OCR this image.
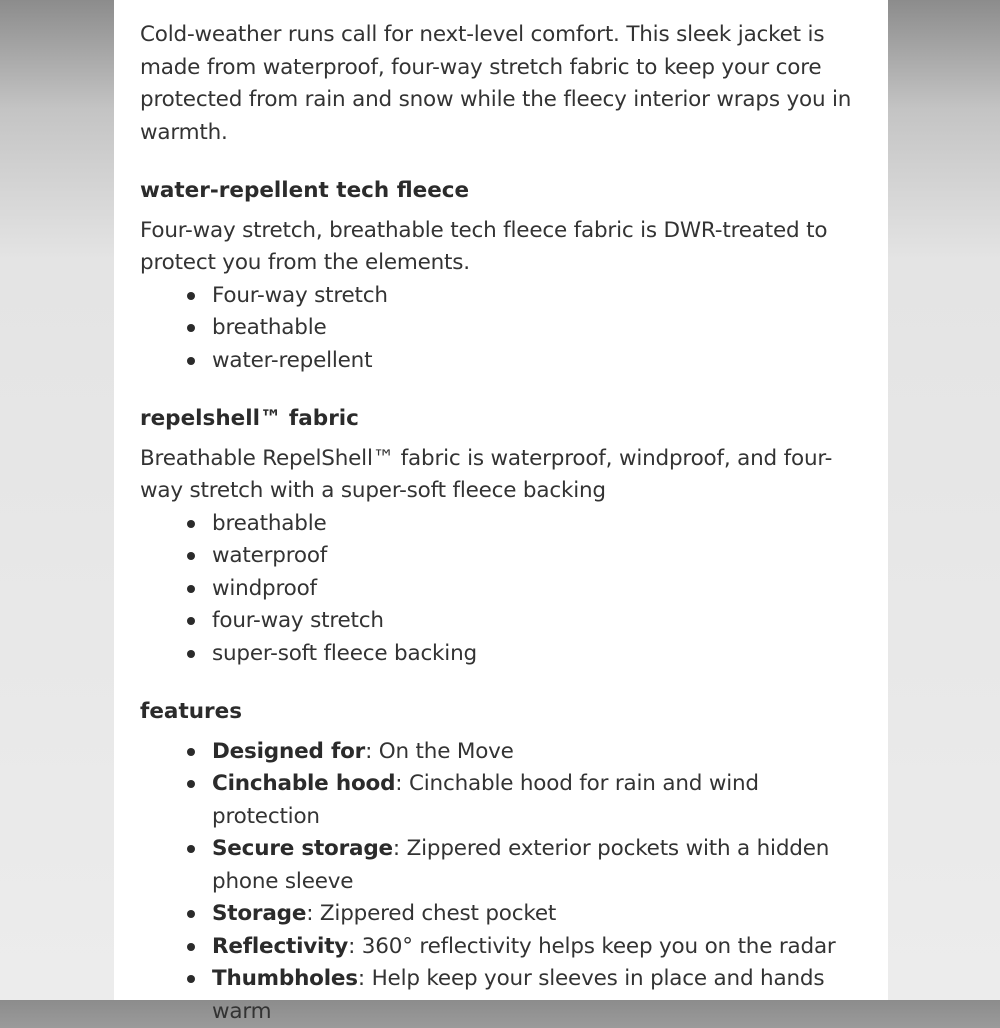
Cold-weather runs call for next-level comfort. This sleek jacket is made from waterproof, four-way stretch fabric to keep your core protected from rain and snow while the fleecy interior wraps you in warmth.

water-repellent tech fleece

Four-way stretch, breathable tech fleece fabric is DWR-treated to protect you from the elements.

Four-way stretch
breathable
water-repellent
repelshell™ fabric

Breathable RepelShell™ fabric is waterproof, windproof, and four-way stretch with a super-soft fleece backing

breathable
waterproof
windproof
four-way stretch
super-soft fleece backing
features
Designed for: On the Move
Cinchable hood: Cinchable hood for rain and wind protection
Secure storage: Zippered exterior pockets with a hidden phone sleeve
Storage: Zippered chest pocket
Reflectivity: 360° reflectivity helps keep you on the radar
Thumbholes: Help keep your sleeves in place and hands warm
